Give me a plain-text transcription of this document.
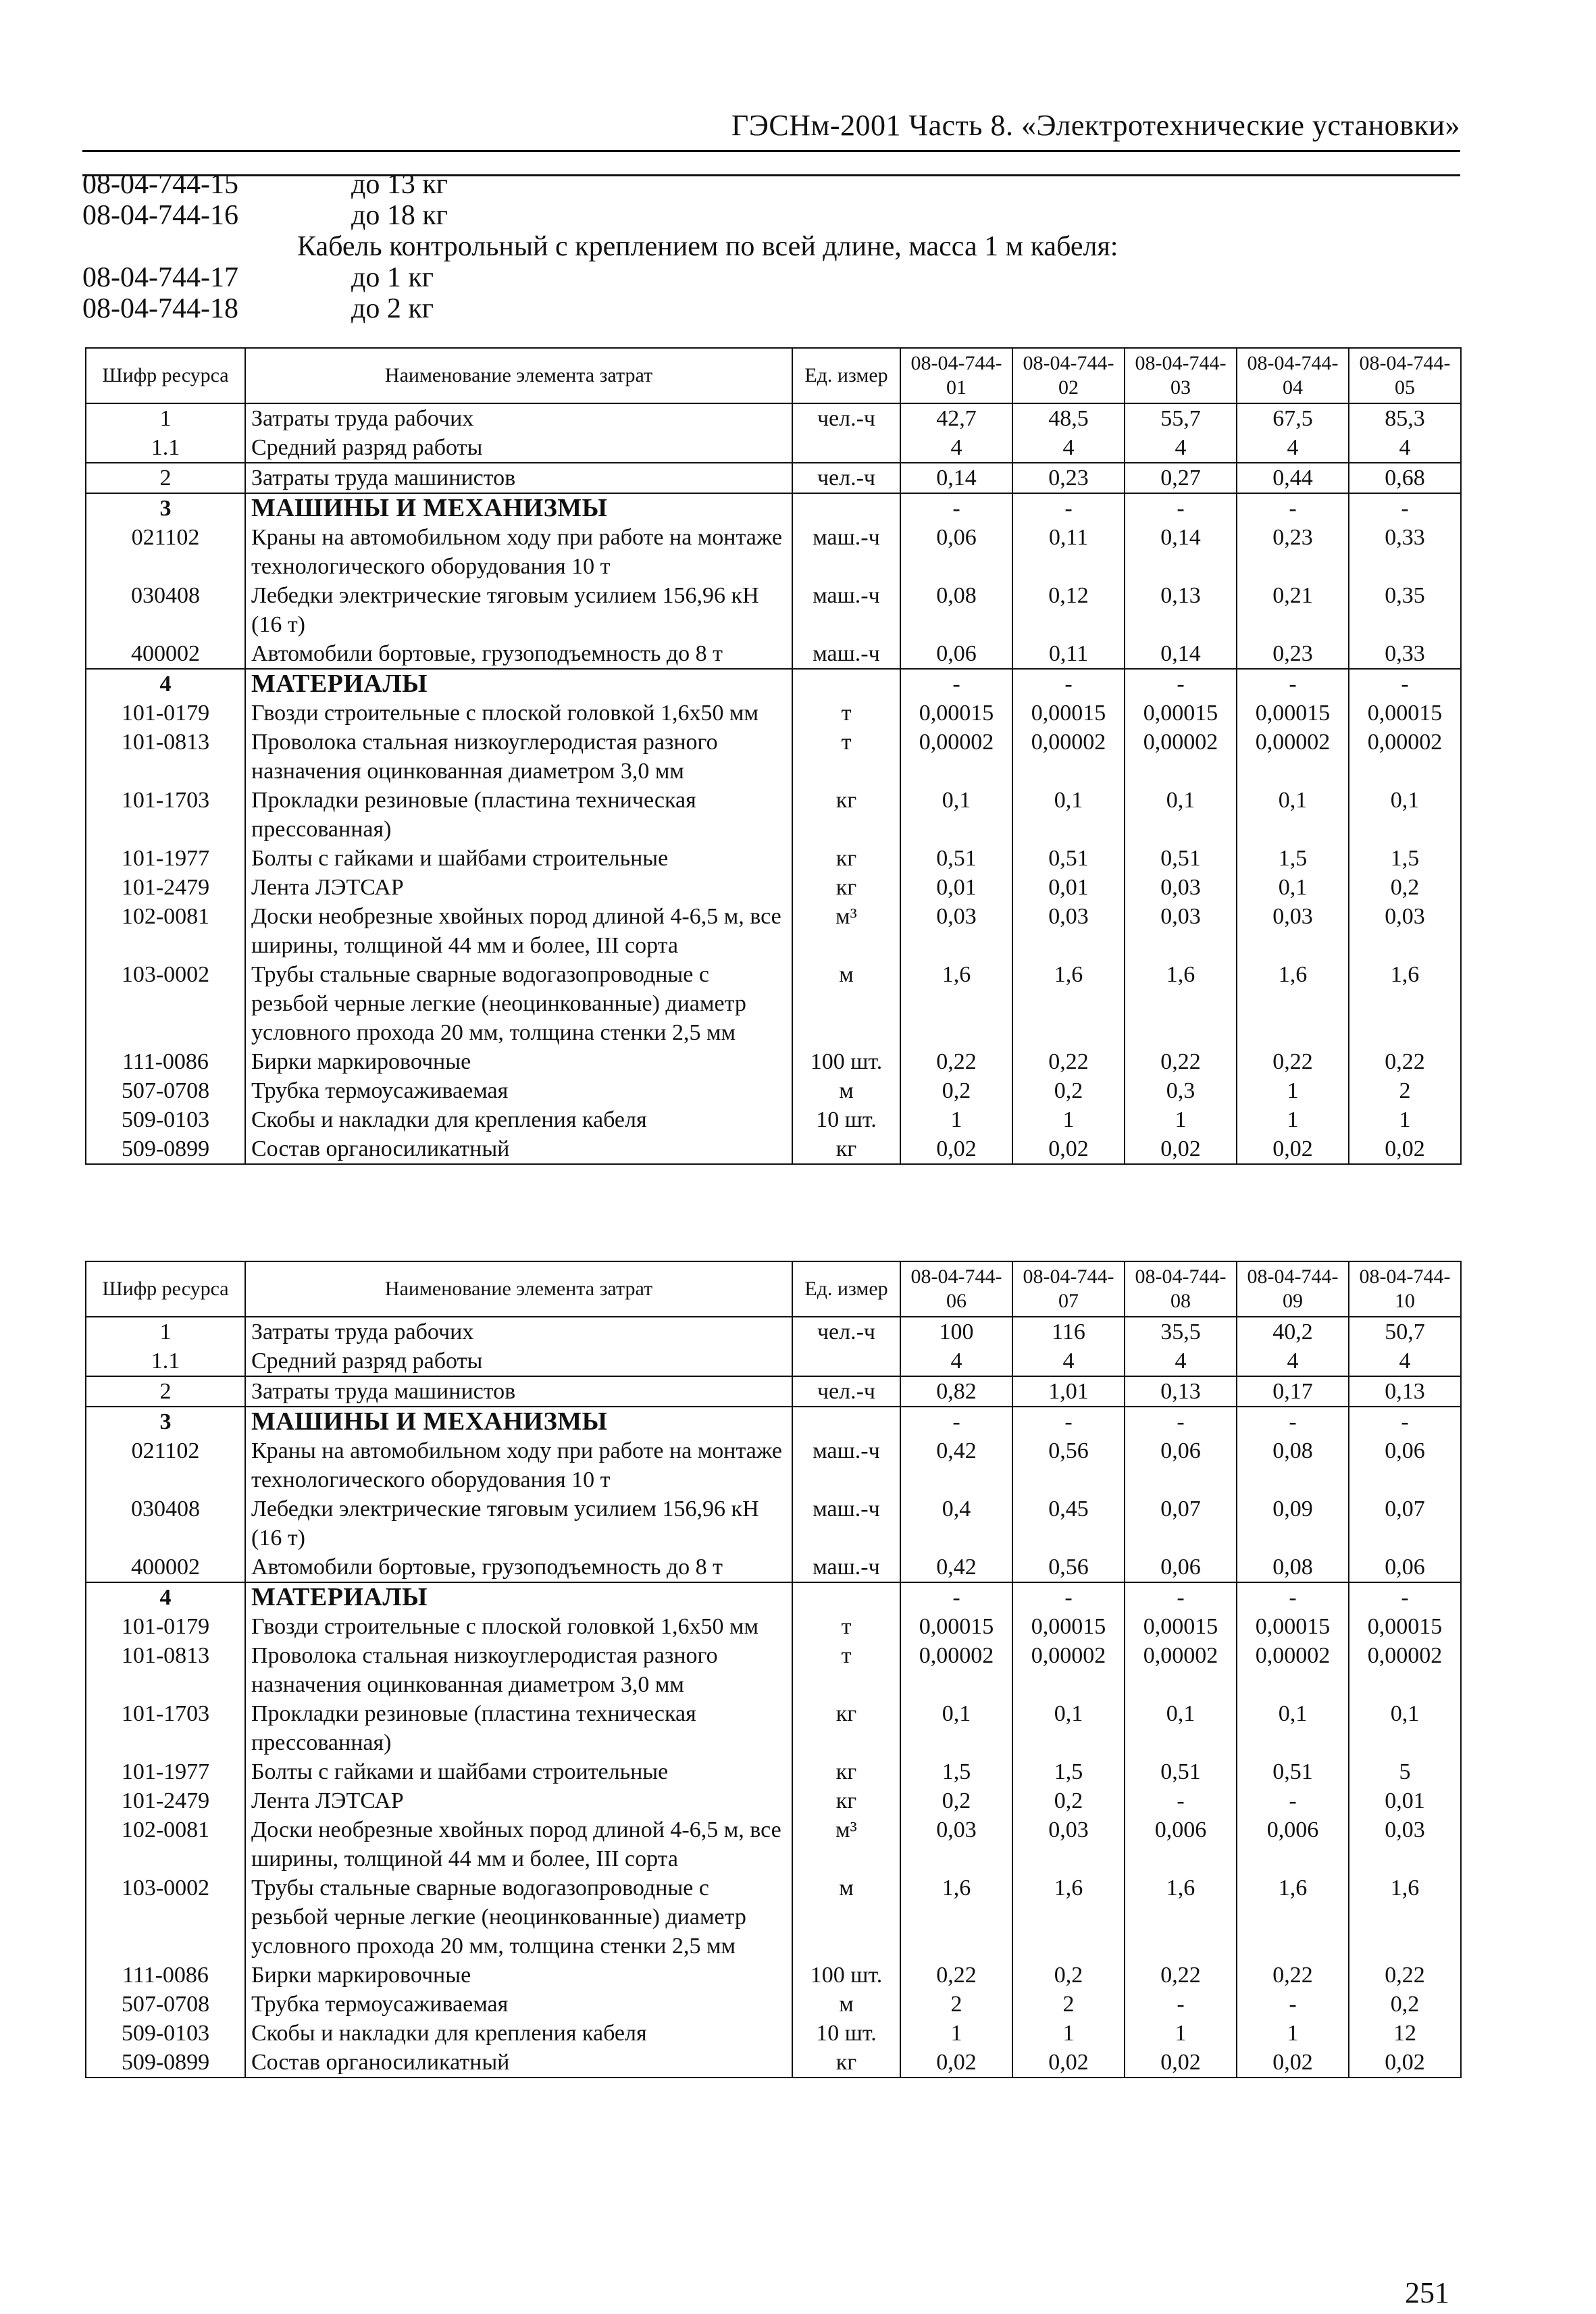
ГЭСНм-2001 Часть 8. «Электротехнические установки»
08-04-744-15	до 13 кг
08-04-744-16	до 18 кг
Кабель контрольный с креплением по всей длине, масса 1 м кабеля:
08-04-744-17	до 1 кг
08-04-744-18	до 2 кг
Шифр ресурса	Наименование элемента затрат	Ед. измер	08-04-744-01	08-04-744-02	08-04-744-03	08-04-744-04	08-04-744-05
1	Затраты труда рабочих	чел.-ч	42,7	48,5	55,7	67,5	85,3
1.1	Средний разряд работы		4	4	4	4	4
2	Затраты труда машинистов	чел.-ч	0,14	0,23	0,27	0,44	0,68
3	МАШИНЫ И МЕХАНИЗМЫ		-	-	-	-	-
021102	Краны на автомобильном ходу при работе на монтаже технологического оборудования 10 т	маш.-ч	0,06	0,11	0,14	0,23	0,33
030408	Лебедки электрические тяговым усилием 156,96 кН (16 т)	маш.-ч	0,08	0,12	0,13	0,21	0,35
400002	Автомобили бортовые, грузоподъемность до 8 т	маш.-ч	0,06	0,11	0,14	0,23	0,33
4	МАТЕРИАЛЫ		-	-	-	-	-
101-0179	Гвозди строительные с плоской головкой 1,6х50 мм	т	0,00015	0,00015	0,00015	0,00015	0,00015
101-0813	Проволока стальная низкоуглеродистая разного назначения оцинкованная диаметром 3,0 мм	т	0,00002	0,00002	0,00002	0,00002	0,00002
101-1703	Прокладки резиновые (пластина техническая прессованная)	кг	0,1	0,1	0,1	0,1	0,1
101-1977	Болты с гайками и шайбами строительные	кг	0,51	0,51	0,51	1,5	1,5
101-2479	Лента ЛЭТСАР	кг	0,01	0,01	0,03	0,1	0,2
102-0081	Доски необрезные хвойных пород длиной 4-6,5 м, все ширины, толщиной 44 мм и более, III сорта	м³	0,03	0,03	0,03	0,03	0,03
103-0002	Трубы стальные сварные водогазопроводные с резьбой черные легкие (неоцинкованные) диаметр условного прохода 20 мм, толщина стенки 2,5 мм	м	1,6	1,6	1,6	1,6	1,6
111-0086	Бирки маркировочные	100 шт.	0,22	0,22	0,22	0,22	0,22
507-0708	Трубка термоусаживаемая	м	0,2	0,2	0,3	1	2
509-0103	Скобы и накладки для крепления кабеля	10 шт.	1	1	1	1	1
509-0899	Состав органосиликатный	кг	0,02	0,02	0,02	0,02	0,02
Шифр ресурса	Наименование элемента затрат	Ед. измер	08-04-744-06	08-04-744-07	08-04-744-08	08-04-744-09	08-04-744-10
1	Затраты труда рабочих	чел.-ч	100	116	35,5	40,2	50,7
1.1	Средний разряд работы		4	4	4	4	4
2	Затраты труда машинистов	чел.-ч	0,82	1,01	0,13	0,17	0,13
3	МАШИНЫ И МЕХАНИЗМЫ		-	-	-	-	-
021102	Краны на автомобильном ходу при работе на монтаже технологического оборудования 10 т	маш.-ч	0,42	0,56	0,06	0,08	0,06
030408	Лебедки электрические тяговым усилием 156,96 кН (16 т)	маш.-ч	0,4	0,45	0,07	0,09	0,07
400002	Автомобили бортовые, грузоподъемность до 8 т	маш.-ч	0,42	0,56	0,06	0,08	0,06
4	МАТЕРИАЛЫ		-	-	-	-	-
101-0179	Гвозди строительные с плоской головкой 1,6х50 мм	т	0,00015	0,00015	0,00015	0,00015	0,00015
101-0813	Проволока стальная низкоуглеродистая разного назначения оцинкованная диаметром 3,0 мм	т	0,00002	0,00002	0,00002	0,00002	0,00002
101-1703	Прокладки резиновые (пластина техническая прессованная)	кг	0,1	0,1	0,1	0,1	0,1
101-1977	Болты с гайками и шайбами строительные	кг	1,5	1,5	0,51	0,51	5
101-2479	Лента ЛЭТСАР	кг	0,2	0,2	-	-	0,01
102-0081	Доски необрезные хвойных пород длиной 4-6,5 м, все ширины, толщиной 44 мм и более, III сорта	м³	0,03	0,03	0,006	0,006	0,03
103-0002	Трубы стальные сварные водогазопроводные с резьбой черные легкие (неоцинкованные) диаметр условного прохода 20 мм, толщина стенки 2,5 мм	м	1,6	1,6	1,6	1,6	1,6
111-0086	Бирки маркировочные	100 шт.	0,22	0,2	0,22	0,22	0,22
507-0708	Трубка термоусаживаемая	м	2	2	-	-	0,2
509-0103	Скобы и накладки для крепления кабеля	10 шт.	1	1	1	1	12
509-0899	Состав органосиликатный	кг	0,02	0,02	0,02	0,02	0,02
251
